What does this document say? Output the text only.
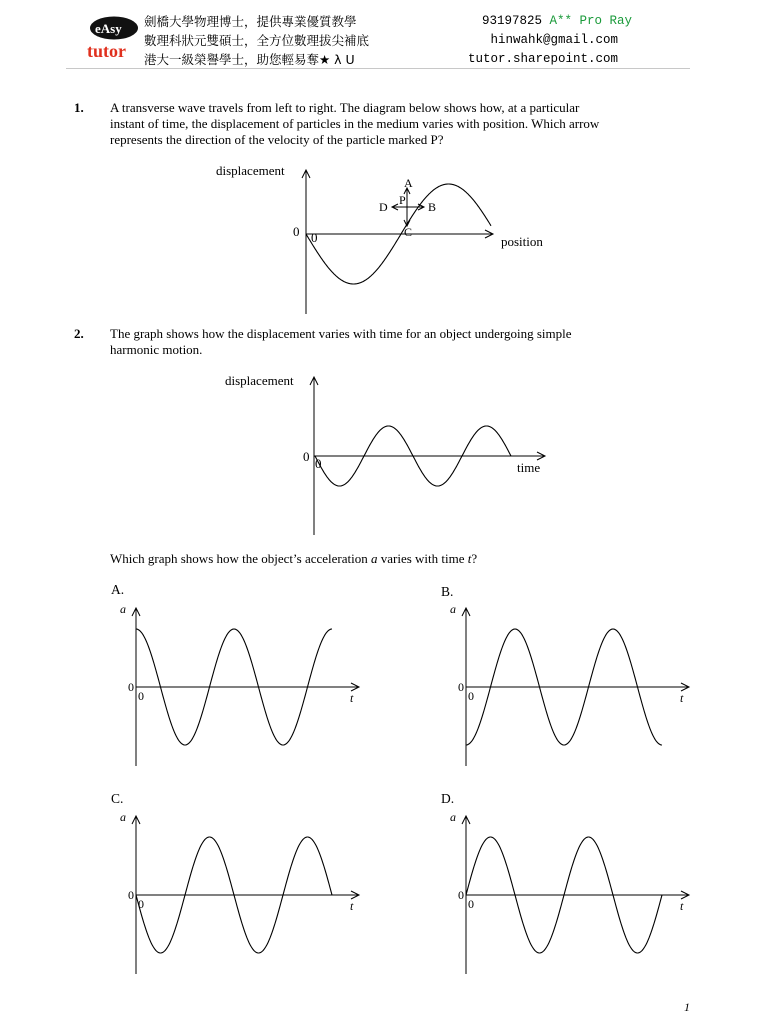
eAsy
tutor
劍橋大學物理博士，提供專業優質教學
數理科狀元雙碩士，全方位數理拔尖補底
港大一級榮譽學士，助您輕易奪★ λ U
93197825 A** Pro Ray
hinwahk@gmail.com
tutor.sharepoint.com
1. A transverse wave travels from left to right. The diagram below shows how, at a particular
instant of time, the displacement of particles in the medium varies with position. Which arrow
represents the direction of the velocity of the particle marked P?
A
B
C
D P
displacement
position
0 0
2. The graph shows how the displacement varies with time for an object undergoing simple
harmonic motion.
displacement
time
0 0
Which graph shows how the object’s acceleration a varies with time t?
A.	B.
C.	D.
a
t
0
0
a
t
0
0
a
t
0
0
a
t
0
0
1
